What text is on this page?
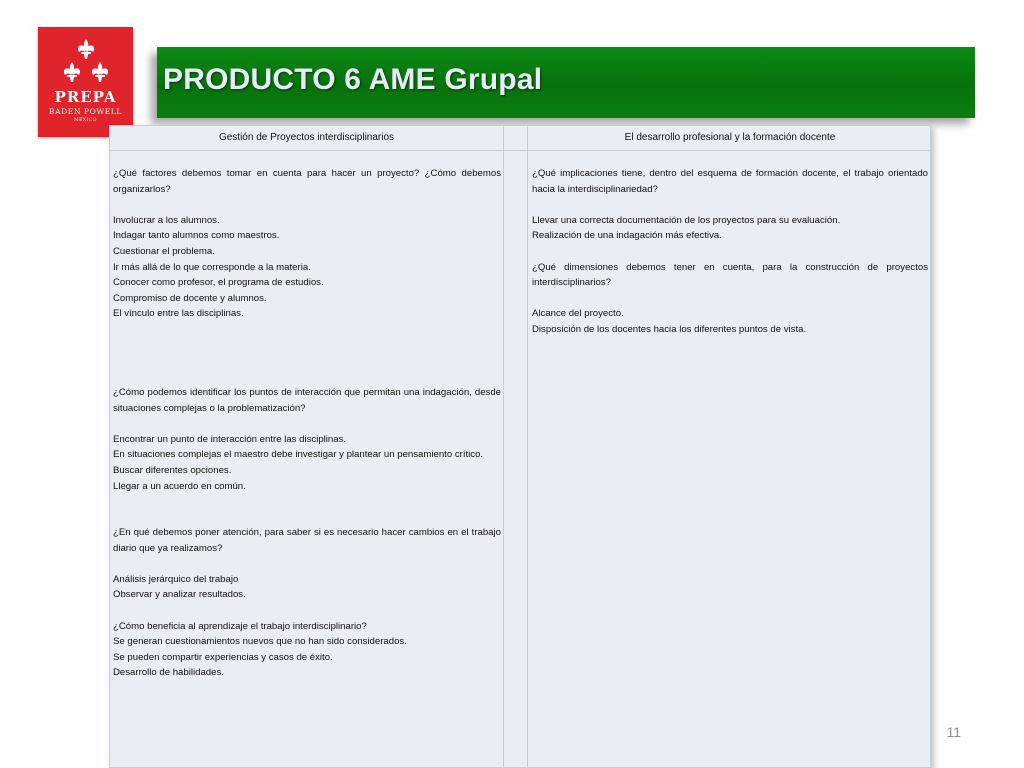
PREPA
BADEN POWELL
MÉXICO
PRODUCTO 6 AME Grupal
Gestión de Proyectos interdisciplinarios	El desarrollo profesional y la formación docente

¿Qué factores debemos tomar en cuenta para hacer un proyecto? ¿Cómo debemos organizarlos?

Involucrar a los alumnos.

Indagar tanto alumnos como maestros.

Cuestionar el problema.

Ir más allá de lo que corresponde a la materia.

Conocer como profesor, el programa de estudios.

Compromiso de docente y alumnos.

El vínculo entre las disciplinas.

¿Cómo podemos identificar los puntos de interacción que permitan una indagación, desde situaciones complejas o la problematización?

Encontrar un punto de interacción entre las disciplinas.

En situaciones complejas el maestro debe investigar y plantear un pensamiento crítico.

Buscar diferentes opciones.

Llegar a un acuerdo en común.

¿En qué debemos poner atención, para saber si es necesario hacer cambios en el trabajo diario que ya realizamos?

Análisis jerárquico del trabajo

Observar y analizar resultados.

¿Cómo beneficia al aprendizaje el trabajo interdisciplinario?

Se generan cuestionamientos nuevos que no han sido considerados.

Se pueden compartir experiencias y casos de éxito.

Desarrollo de habilidades.

¿Qué implicaciones tiene, dentro del esquema de formación docente, el trabajo orientado hacia la interdisciplinariedad?

Llevar una correcta documentación de los proyectos para su evaluación.

Realización de una indagación más efectiva.

¿Qué dimensiones debemos tener en cuenta, para la construcción de proyectos interdisciplinarios?

Alcance del proyecto.

Disposición de los docentes hacia los diferentes puntos de vista.

11
